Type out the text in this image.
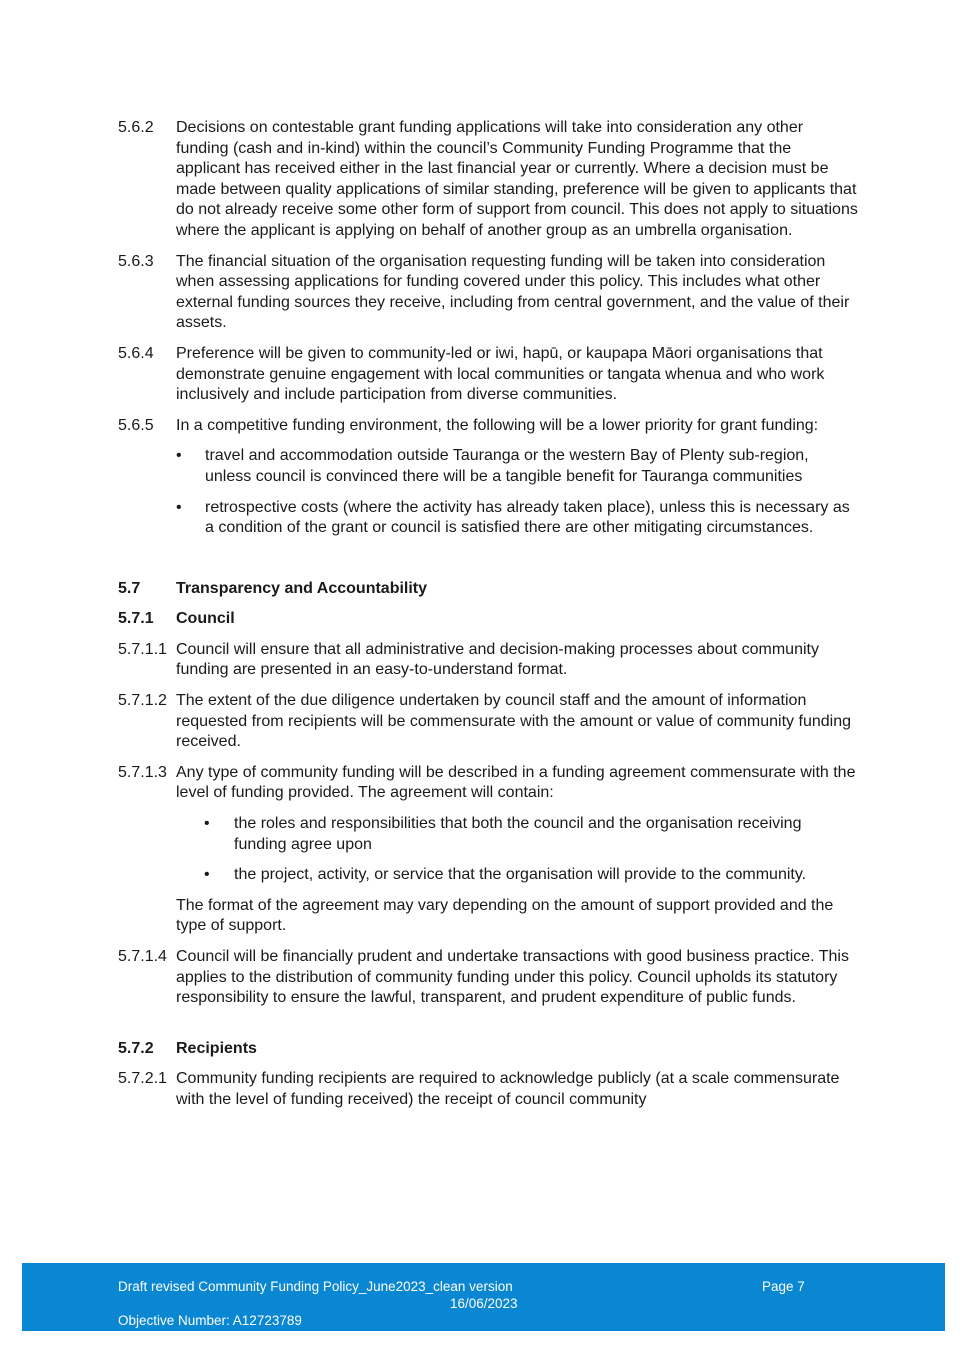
5.6.2	Decisions on contestable grant funding applications will take into consideration any other funding (cash and in-kind) within the council’s Community Funding Programme that the applicant has received either in the last financial year or currently. Where a decision must be made between quality applications of similar standing, preference will be given to applicants that do not already receive some other form of support from council. This does not apply to situations where the applicant is applying on behalf of another group as an umbrella organisation.
5.6.3	The financial situation of the organisation requesting funding will be taken into consideration when assessing applications for funding covered under this policy. This includes what other external funding sources they receive, including from central government, and the value of their assets.
5.6.4	Preference will be given to community-led or iwi, hapū, or kaupapa Māori organisations that demonstrate genuine engagement with local communities or tangata whenua and who work inclusively and include participation from diverse communities.
5.6.5	In a competitive funding environment, the following will be a lower priority for grant funding:
•	travel and accommodation outside Tauranga or the western Bay of Plenty sub-region, unless council is convinced there will be a tangible benefit for Tauranga communities
•	retrospective costs (where the activity has already taken place), unless this is necessary as a condition of the grant or council is satisfied there are other mitigating circumstances.
5.7	Transparency and Accountability
5.7.1	Council
5.7.1.1 Council will ensure that all administrative and decision-making processes about community funding are presented in an easy-to-understand format.
5.7.1.2 The extent of the due diligence undertaken by council staff and the amount of information requested from recipients will be commensurate with the amount or value of community funding received.
5.7.1.3 Any type of community funding will be described in a funding agreement commensurate with the level of funding provided. The agreement will contain:
•	the roles and responsibilities that both the council and the organisation receiving funding agree upon
•	the project, activity, or service that the organisation will provide to the community.
The format of the agreement may vary depending on the amount of support provided and the type of support.
5.7.1.4 Council will be financially prudent and undertake transactions with good business practice. This applies to the distribution of community funding under this policy. Council upholds its statutory responsibility to ensure the lawful, transparent, and prudent expenditure of public funds.
5.7.2	Recipients
5.7.2.1 Community funding recipients are required to acknowledge publicly (at a scale commensurate with the level of funding received) the receipt of council community
Draft revised Community Funding Policy_June2023_clean version	Page 7
16/06/2023
Objective Number: A12723789
